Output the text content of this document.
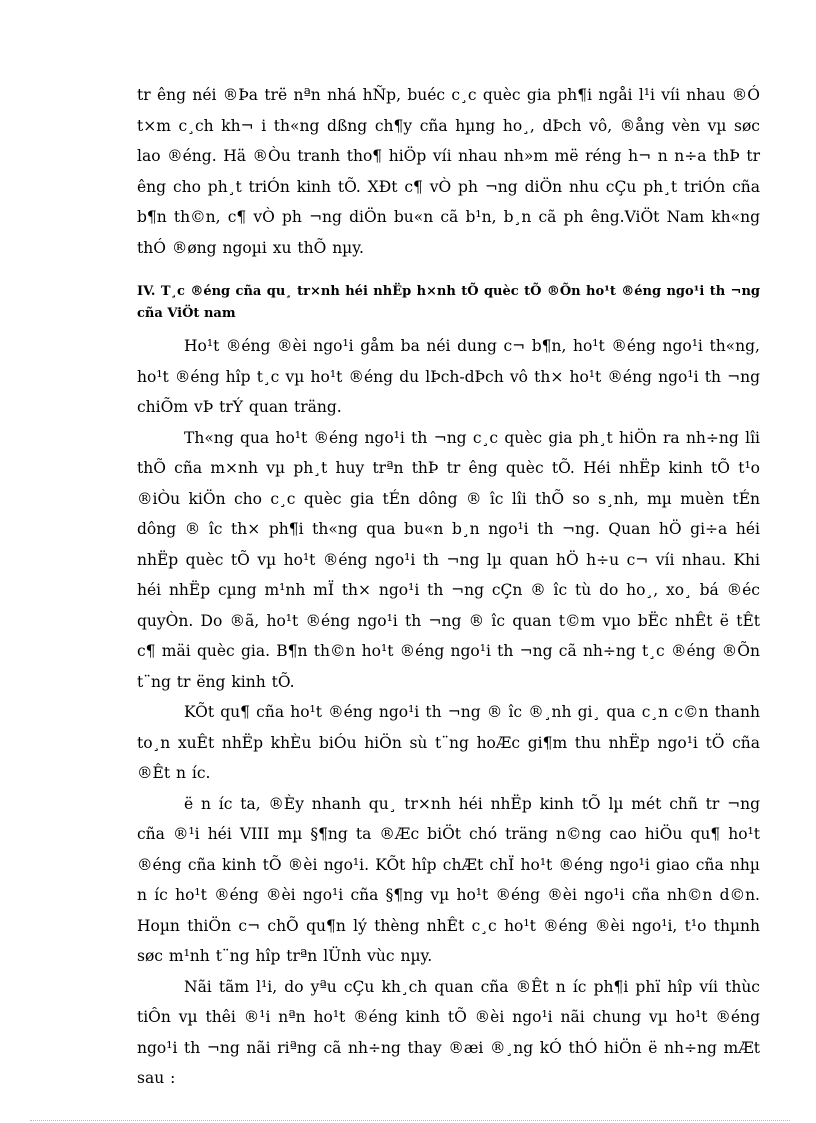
tr êng néi ®Þa trë nªn nhá hÑp, buéc c¸c quèc gia ph¶i ngåi l¹i víi nhau ®Ó t×m c¸ch kh¬ i th«ng dßng ch¶y cña hµng ho¸, dÞch vô, ®ång vèn vµ søc lao ®éng. Hä ®Òu tranh tho¶ hiÖp víi nhau nh»m më réng h¬ n n÷a thÞ tr êng cho ph¸t triÓn kinh tÕ. XÐt c¶ vÒ ph ¬ng diÖn nhu cÇu ph¸t triÓn cña b¶n th©n, c¶ vÒ ph ¬ng diÖn bu«n cã b¹n, b¸n cã ph êng.ViÖt Nam kh«ng thÓ ®øng ngoµi xu thÕ nµy.

IV. T¸c ®éng cña qu¸ tr×nh héi nhËp h×nh tÕ quèc tÕ ®Õn ho¹t ®éng ngo¹i th ¬ng cña ViÖt nam

Ho¹t ®éng ®èi ngo¹i gåm ba néi dung c¬ b¶n, ho¹t ®éng ngo¹i th«ng, ho¹t ®éng hîp t¸c vµ ho¹t ®éng du lÞch-dÞch vô th× ho¹t ®éng ngo¹i th ¬ng chiÕm vÞ trÝ quan träng.

Th«ng qua ho¹t ®éng ngo¹i th ¬ng c¸c quèc gia ph¸t hiÖn ra nh÷ng lîi thÕ cña m×nh vµ ph¸t huy trªn thÞ tr êng quèc tÕ. Héi nhËp kinh tÕ t¹o ®iÒu kiÖn cho c¸c quèc gia tÉn dông ® îc lîi thÕ so s¸nh, mµ muèn tÉn dông ® îc th× ph¶i th«ng qua bu«n b¸n ngo¹i th ¬ng. Quan hÖ gi÷a héi nhËp quèc tÕ vµ ho¹t ®éng ngo¹i th ¬ng lµ quan hÖ h÷u c¬ víi nhau. Khi héi nhËp cµng m¹nh mÏ th× ngo¹i th ¬ng cÇn ® îc tù do ho¸, xo¸ bá ®éc quyÒn. Do ®ã, ho¹t ®éng ngo¹i th ¬ng ® îc quan t©m vµo bËc nhÊt ë tÊt c¶ mäi quèc gia. B¶n th©n ho¹t ®éng ngo¹i th ¬ng cã nh÷ng t¸c ®éng ®Õn t¨ng tr ëng kinh tÕ.

KÕt qu¶ cña ho¹t ®éng ngo¹i th ¬ng ® îc ®¸nh gi¸ qua c¸n c©n thanh to¸n xuÊt nhËp khÈu biÓu hiÖn sù t¨ng hoÆc gi¶m thu nhËp ngo¹i tÖ cña ®Êt n íc.

ë n íc ta, ®Èy nhanh qu¸ tr×nh héi nhËp kinh tÕ lµ mét chñ tr ¬ng cña ®¹i héi VIII mµ §¶ng ta ®Æc biÖt chó träng n©ng cao hiÖu qu¶ ho¹t ®éng cña kinh tÕ ®èi ngo¹i. KÕt hîp chÆt chÏ ho¹t ®éng ngo¹i giao cña nhµ n íc ho¹t ®éng ®èi ngo¹i cña §¶ng vµ ho¹t ®éng ®èi ngo¹i cña nh©n d©n. Hoµn thiÖn c¬ chÕ qu¶n lý thèng nhÊt c¸c ho¹t ®éng ®èi ngo¹i, t¹o thµnh søc m¹nh t¨ng hîp trªn lÜnh vùc nµy.

Nãi tãm l¹i, do yªu cÇu kh¸ch quan cña ®Êt n íc ph¶i phï hîp víi thùc tiÔn vµ thêi ®¹i nªn ho¹t ®éng kinh tÕ ®èi ngo¹i nãi chung vµ ho¹t ®éng ngo¹i th ¬ng nãi riªng cã nh÷ng thay ®æi ®¸ng kÓ thÓ hiÖn ë nh÷ng mÆt sau :
